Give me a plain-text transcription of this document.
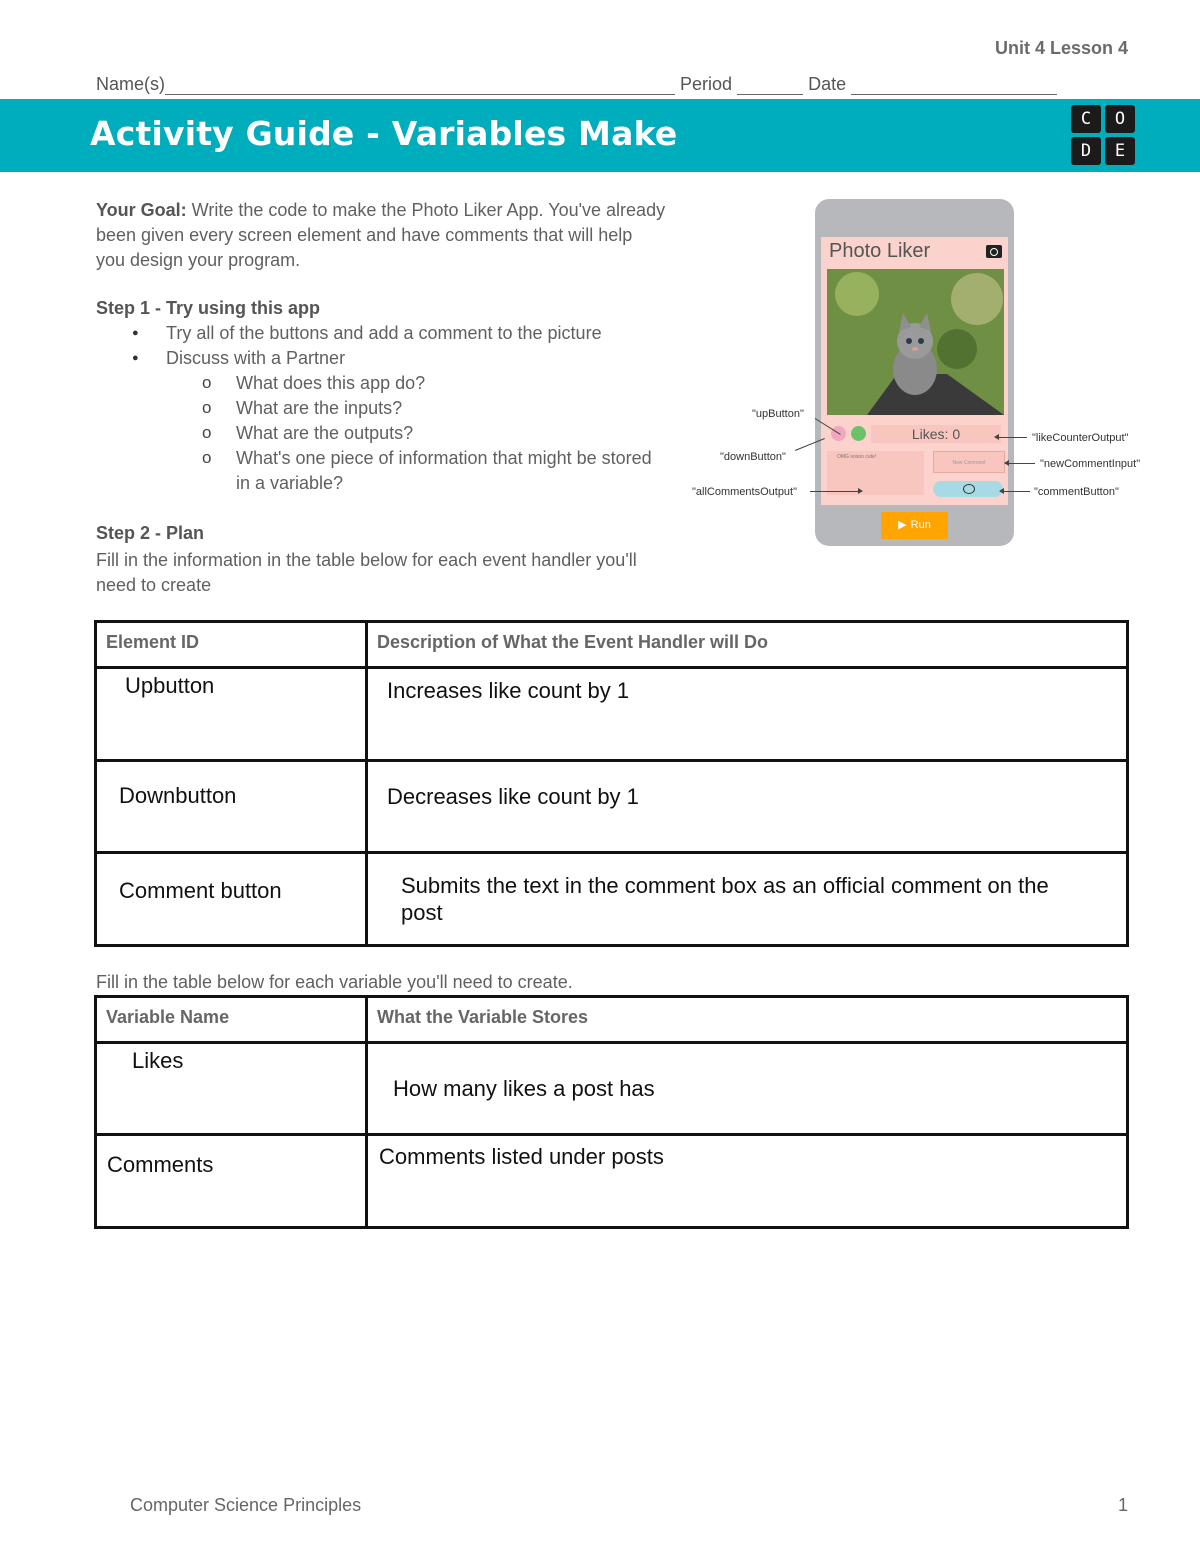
Unit 4 Lesson 4
Name(s)	Period	Date
Activity Guide - Variables Make	C	O
D	E
Your Goal: Write the code to make the Photo Liker App. You've already been given every screen element and have comments that will help you design your program.
Step 1 - Try using this app
● Try all of the buttons and add a comment to the picture
● Discuss with a Partner
o What does this app do?
o What are the inputs?
o What are the outputs?
o What's one piece of information that might be stored in a variable?
Step 2 - Plan
Fill in the information in the table below for each event handler you'll need to create
Photo Liker
Likes: 0
OMG soooo cute!
New Comment
▶ Run
"upButton"
"downButton"
"allCommentsOutput"
"likeCounterOutput"
"newCommentInput"
"commentButton"
Element ID	Description of What the Event Handler will Do
Upbutton	Increases like count by 1
Downbutton	Decreases like count by 1
Comment button	Submits the text in the comment box as an official comment on the post
Fill in the table below for each variable you'll need to create.
Variable Name	What the Variable Stores
Likes	How many likes a post has
Comments	Comments listed under posts
Computer Science Principles	1
